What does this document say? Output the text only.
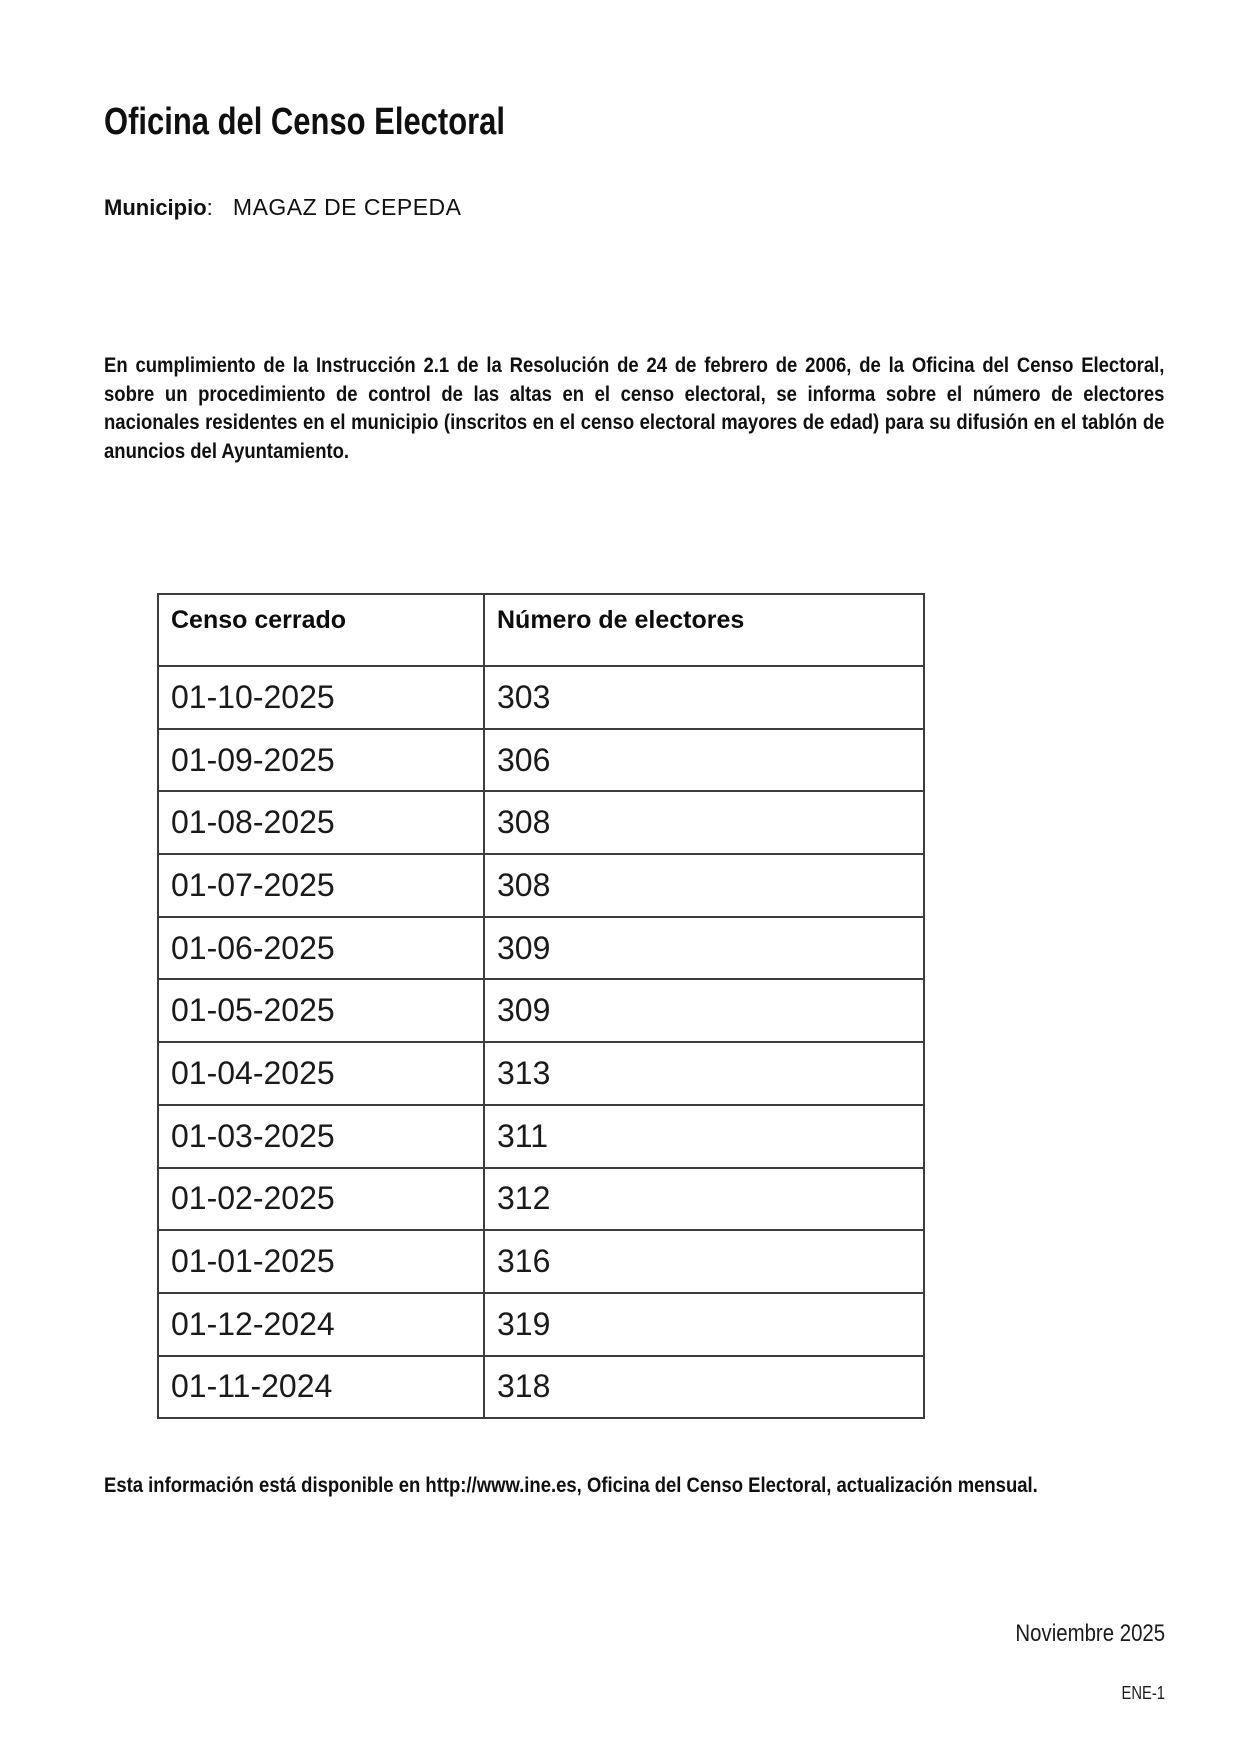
Oficina del Censo Electoral
Municipio: MAGAZ DE CEPEDA
En cumplimiento de la Instrucción 2.1 de la Resolución de 24 de febrero de 2006, de la Oficina del Censo Electoral, sobre un procedimiento de control de las altas en el censo electoral, se informa sobre el número de electores nacionales residentes en el municipio (inscritos en el censo electoral mayores de edad) para su difusión en el tablón de anuncios del Ayuntamiento.
Censo cerrado	Número de electores
01-10-2025	303
01-09-2025	306
01-08-2025	308
01-07-2025	308
01-06-2025	309
01-05-2025	309
01-04-2025	313
01-03-2025	311
01-02-2025	312
01-01-2025	316
01-12-2024	319
01-11-2024	318
Esta información está disponible en http://www.ine.es, Oficina del Censo Electoral, actualización mensual.
Noviembre 2025
ENE-1
